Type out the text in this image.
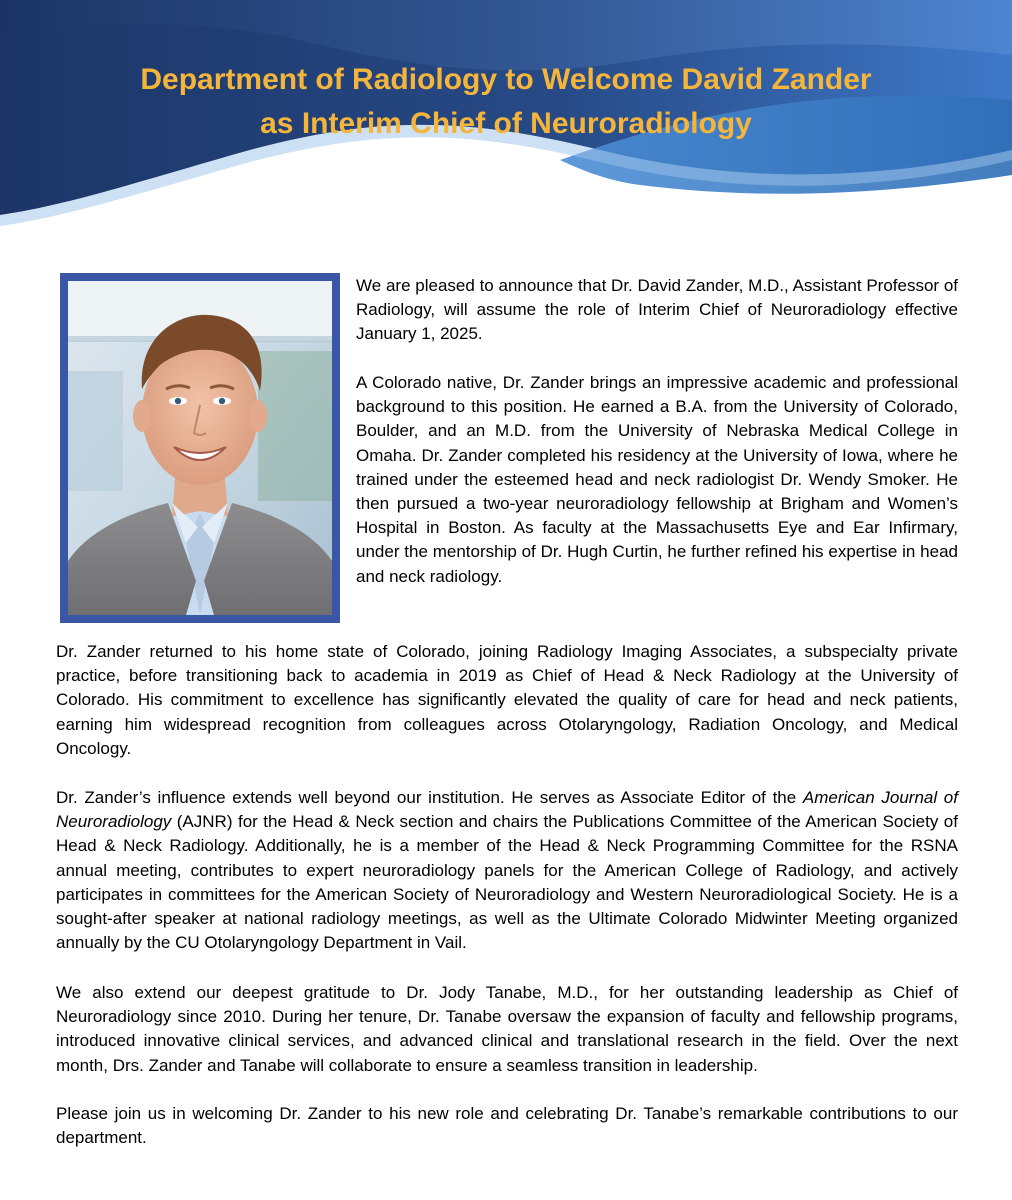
Department of Radiology to Welcome David Zander
as Interim Chief of Neuroradiology

We are pleased to announce that Dr. David Zander, M.D., Assistant Professor of Radiology, will assume the role of Interim Chief of Neuroradiology effective January 1, 2025.

A Colorado native, Dr. Zander brings an impressive academic and professional background to this position. He earned a B.A. from the University of Colorado, Boulder, and an M.D. from the University of Nebraska Medical College in Omaha. Dr. Zander completed his residency at the University of Iowa, where he trained under the esteemed head and neck radiologist Dr. Wendy Smoker. He then pursued a two-year neuroradiology fellowship at Brigham and Women’s Hospital in Boston. As faculty at the Massachusetts Eye and Ear Infirmary, under the mentorship of Dr. Hugh Curtin, he further refined his expertise in head and neck radiology.

Dr. Zander returned to his home state of Colorado, joining Radiology Imaging Associates, a subspecialty private practice, before transitioning back to academia in 2019 as Chief of Head & Neck Radiology at the University of Colorado. His commitment to excellence has significantly elevated the quality of care for head and neck patients, earning him widespread recognition from colleagues across Otolaryngology, Radiation Oncology, and Medical Oncology.

Dr. Zander’s influence extends well beyond our institution. He serves as Associate Editor of the American Journal of Neuroradiology (AJNR) for the Head & Neck section and chairs the Publications Committee of the American Society of Head & Neck Radiology. Additionally, he is a member of the Head & Neck Programming Committee for the RSNA annual meeting, contributes to expert neuroradiology panels for the American College of Radiology, and actively participates in committees for the American Society of Neuroradiology and Western Neuroradiological Society. He is a sought-after speaker at national radiology meetings, as well as the Ultimate Colorado Midwinter Meeting organized annually by the CU Otolaryngology Department in Vail.

We also extend our deepest gratitude to Dr. Jody Tanabe, M.D., for her outstanding leadership as Chief of Neuroradiology since 2010. During her tenure, Dr. Tanabe oversaw the expansion of faculty and fellowship programs, introduced innovative clinical services, and advanced clinical and translational research in the field. Over the next month, Drs. Zander and Tanabe will collaborate to ensure a seamless transition in leadership.

Please join us in welcoming Dr. Zander to his new role and celebrating Dr. Tanabe’s remarkable contributions to our department.
